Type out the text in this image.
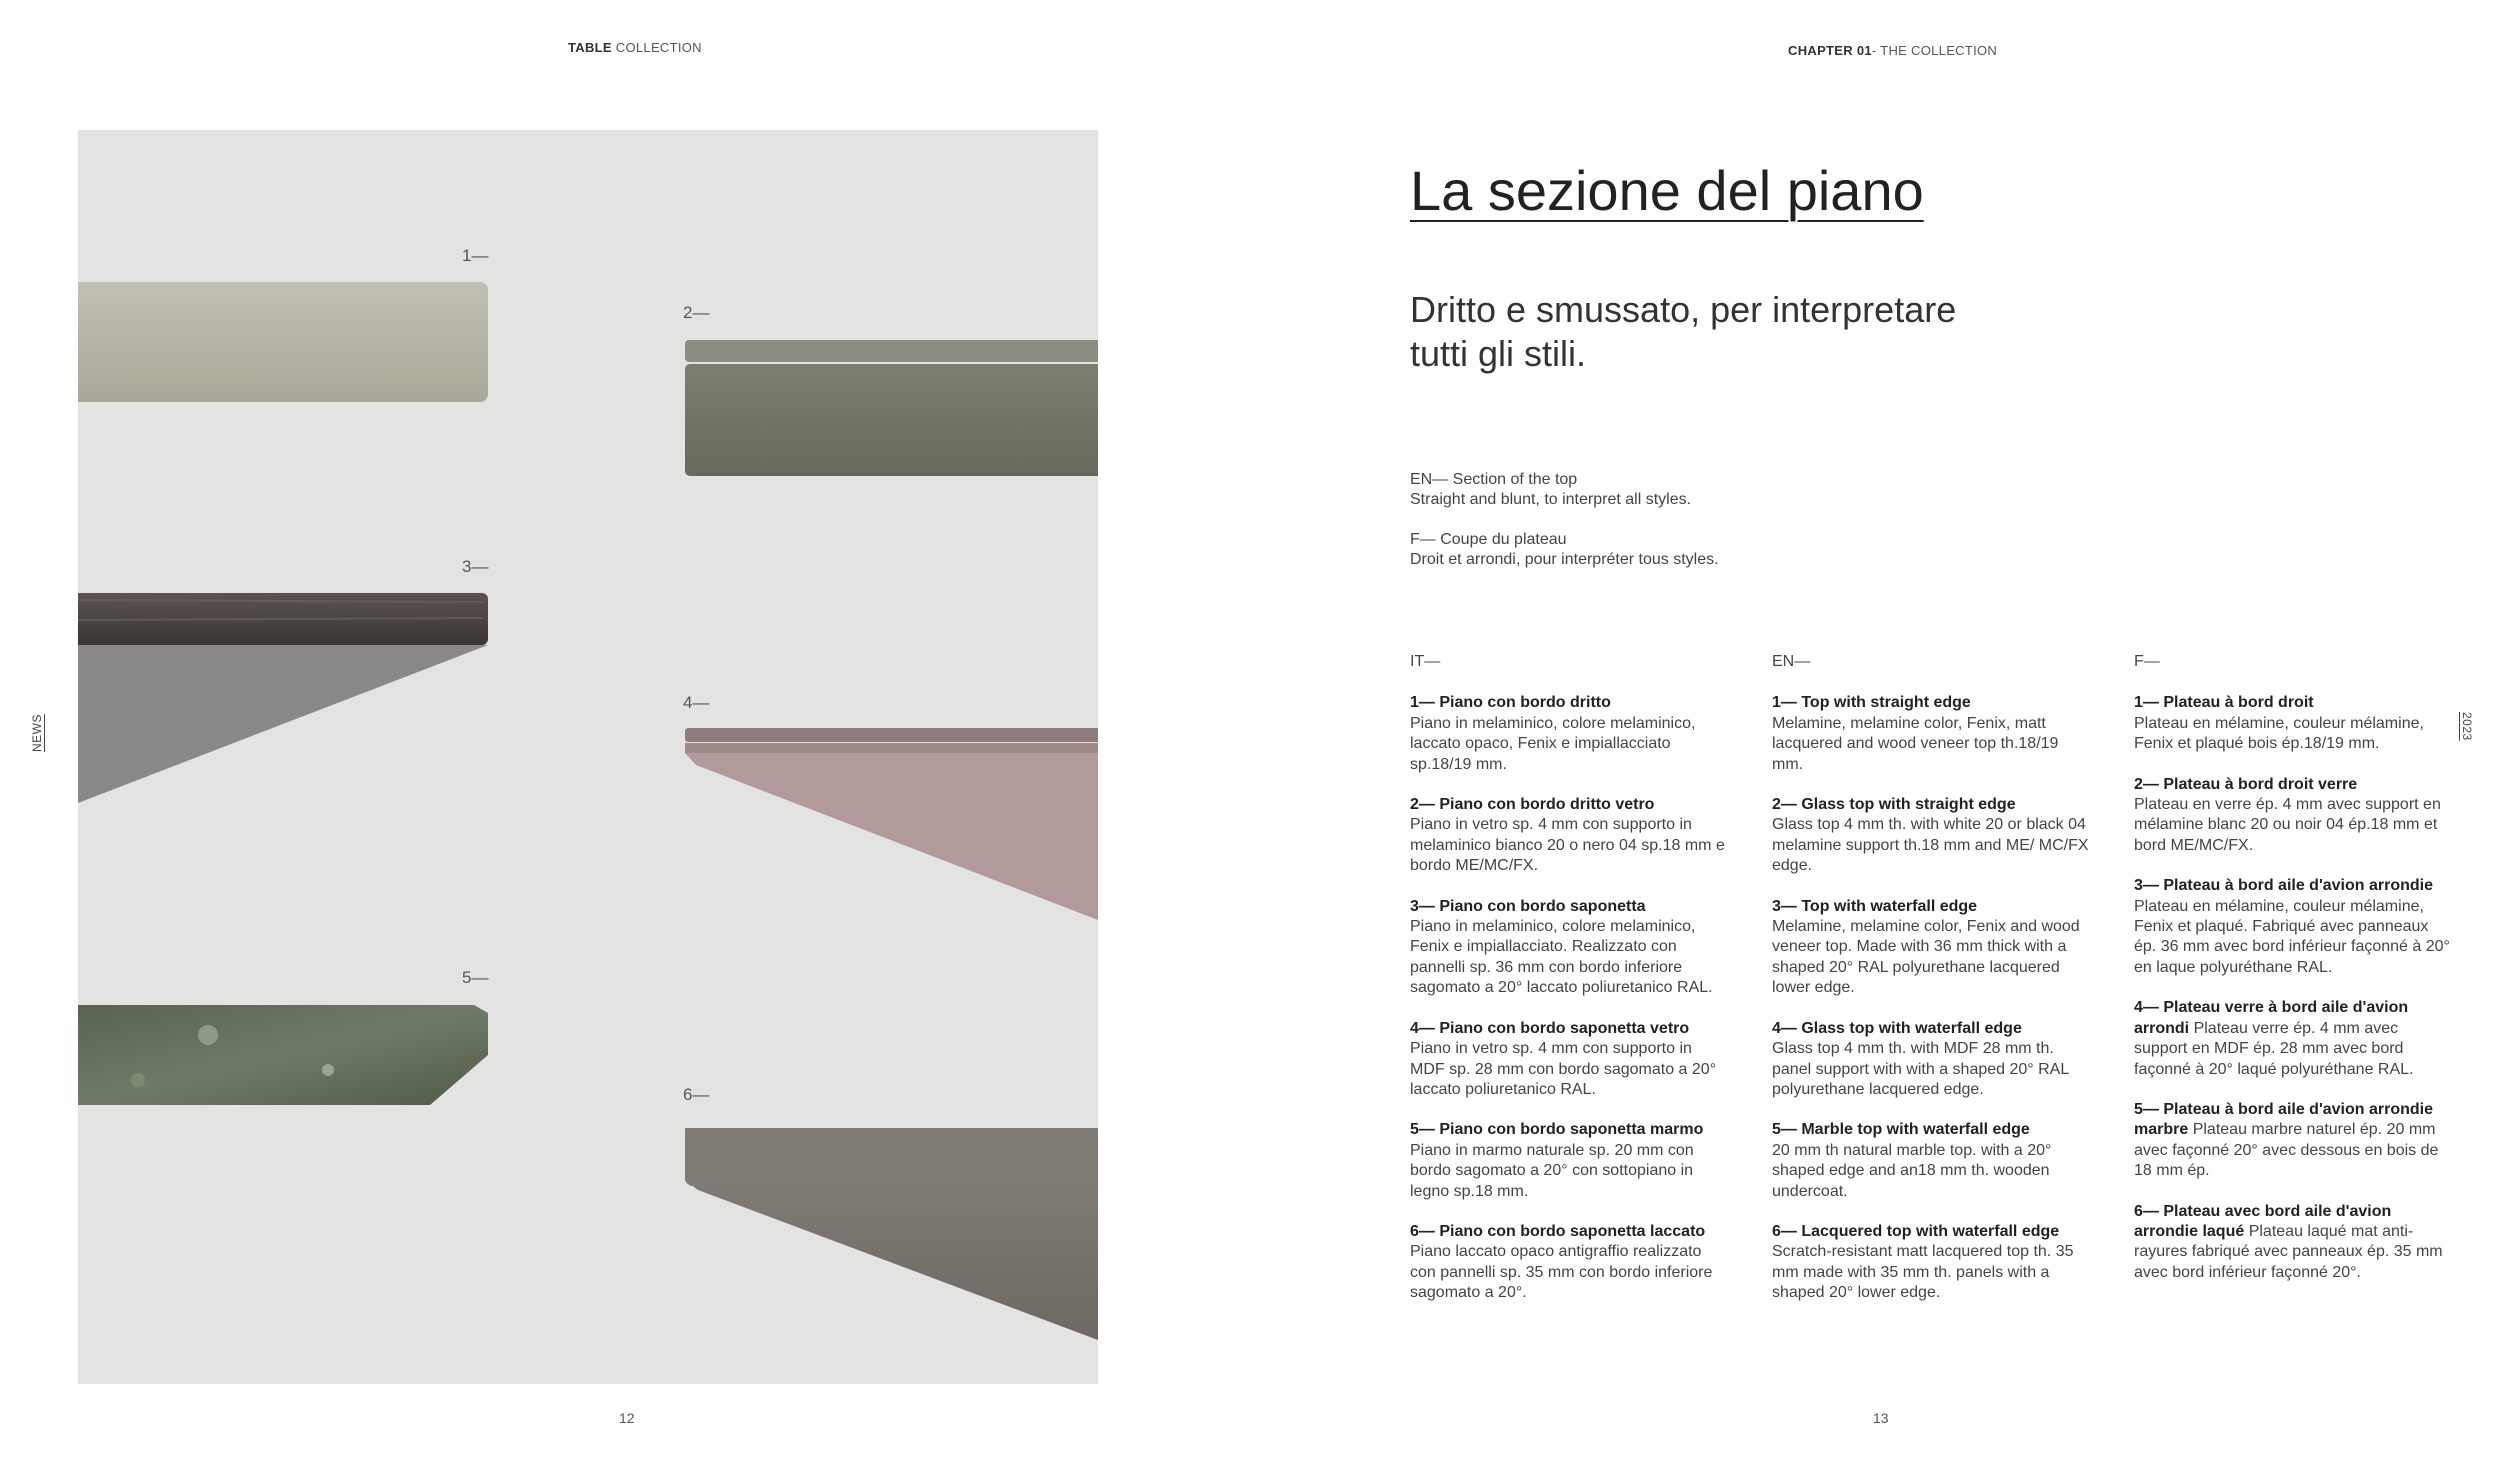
TABLE COLLECTION
NEWS
1—
2—
3—
4—
5—
6—
12
CHAPTER 01- THE COLLECTION
2023
La sezione del piano
Dritto e smussato, per interpretare
tutti gli stili.
EN— Section of the top
Straight and blunt, to interpret all styles.
F— Coupe du plateau
Droit et arrondi, pour interpréter tous styles.
IT—
1— Piano con bordo dritto
Piano in melaminico, colore melaminico, laccato opaco, Fenix e impiallacciato sp.18/19 mm.
2— Piano con bordo dritto vetro
Piano in vetro sp. 4 mm con supporto in melaminico bianco 20 o nero 04 sp.18 mm e bordo ME/MC/FX.
3— Piano con bordo saponetta
Piano in melaminico, colore melaminico, Fenix e impiallacciato. Realizzato con pannelli sp. 36 mm con bordo inferiore sagomato a 20° laccato poliuretanico RAL.
4— Piano con bordo saponetta vetro
Piano in vetro sp. 4 mm con supporto in MDF sp. 28 mm con bordo sagomato a 20° laccato poliuretanico RAL.
5— Piano con bordo saponetta marmo
Piano in marmo naturale sp. 20 mm con bordo sagomato a 20° con sottopiano in legno sp.18 mm.
6— Piano con bordo saponetta laccato
Piano laccato opaco antigraffio realizzato con pannelli sp. 35 mm con bordo inferiore sagomato a 20°.
EN—
1— Top with straight edge
Melamine, melamine color, Fenix, matt lacquered and wood veneer top th.18/19 mm.
2— Glass top with straight edge
Glass top 4 mm th. with white 20 or black 04 melamine support th.18 mm and ME/ MC/FX edge.
3— Top with waterfall edge
Melamine, melamine color, Fenix and wood veneer top. Made with 36 mm thick with a shaped 20° RAL polyurethane lacquered lower edge.
4— Glass top with waterfall edge
Glass top 4 mm th. with MDF 28 mm th. panel support with with a shaped 20° RAL polyurethane lacquered edge.
5— Marble top with waterfall edge
20 mm th natural marble top. with a 20° shaped edge and an18 mm th. wooden undercoat.
6— Lacquered top with waterfall edge
Scratch-resistant matt lacquered top th. 35 mm made with 35 mm th. panels with a shaped 20° lower edge.
F—
1— Plateau à bord droit
Plateau en mélamine, couleur mélamine, Fenix et plaqué bois ép.18/19 mm.
2— Plateau à bord droit verre
Plateau en verre ép. 4 mm avec support en mélamine blanc 20 ou noir 04 ép.18 mm et bord ME/MC/FX.
3— Plateau à bord aile d'avion arrondie
Plateau en mélamine, couleur mélamine, Fenix et plaqué. Fabriqué avec panneaux ép. 36 mm avec bord inférieur façonné à 20° en laque polyuréthane RAL.
4— Plateau verre à bord aile d'avion arrondi Plateau verre ép. 4 mm avec support en MDF ép. 28 mm avec bord façonné à 20° laqué polyuréthane RAL.
5— Plateau à bord aile d'avion arrondie marbre Plateau marbre naturel ép. 20 mm avec façonné 20° avec dessous en bois de 18 mm ép.
6— Plateau avec bord aile d'avion arrondie laqué Plateau laqué mat anti-rayures fabriqué avec panneaux ép. 35 mm avec bord inférieur façonné 20°.
13
